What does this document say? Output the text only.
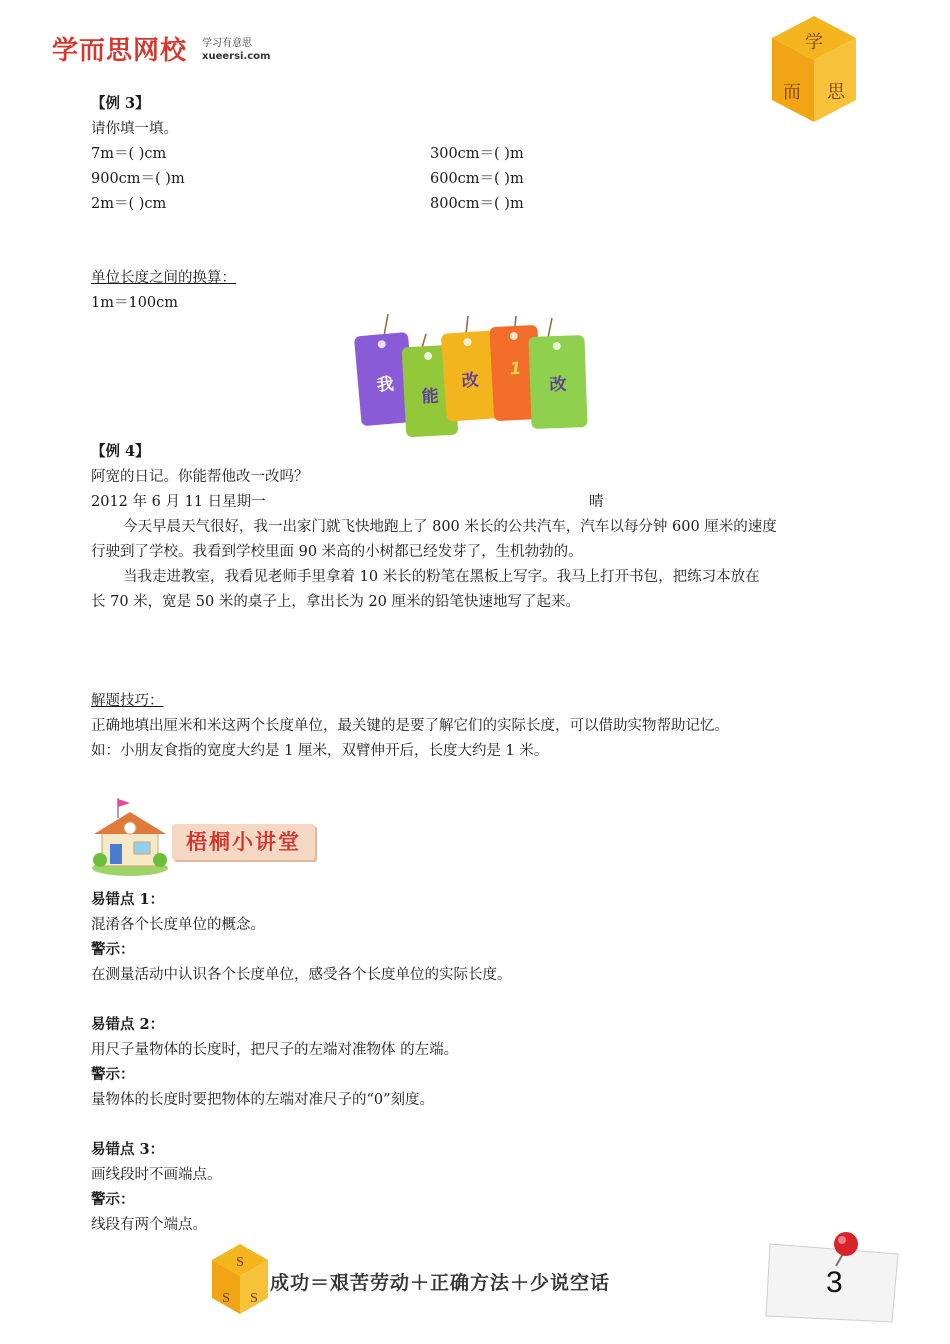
学而思网校 学习有意思
xueersi.com
学
而 思
【例 3】
请你填一填。
7m＝( )cm	300cm＝( )m
900cm＝( )m	600cm＝( )m
2m＝( )cm	800cm＝( )m
单位长度之间的换算：
1m＝100cm
我
能
改
1
改
【例 4】
阿宽的日记。你能帮他改一改吗？
2012 年 6 月 11 日星期一	晴
今天早晨天气很好，我一出家门就飞快地跑上了 800 米长的公共汽车，汽车以每分钟 600 厘米的速度
行驶到了学校。我看到学校里面 90 米高的小树都已经发芽了，生机勃勃的。
当我走进教室，我看见老师手里拿着 10 米长的粉笔在黑板上写字。我马上打开书包，把练习本放在
长 70 米，宽是 50 米的桌子上，拿出长为 20 厘米的铅笔快速地写了起来。
解题技巧：
正确地填出厘米和米这两个长度单位，最关键的是要了解它们的实际长度，可以借助实物帮助记忆。
如：小朋友食指的宽度大约是 1 厘米，双臂伸开后，长度大约是 1 米。
梧桐小讲堂
易错点 1：
混淆各个长度单位的概念。
警示：
在测量活动中认识各个长度单位，感受各个长度单位的实际长度。
易错点 2：
用尺子量物体的长度时，把尺子的左端对准物体 的左端。
警示：
量物体的长度时要把物体的左端对准尺子的“0”刻度。
易错点 3：
画线段时不画端点。
警示：
线段有两个端点。
S
S S
成功＝艰苦劳动＋正确方法＋少说空话	3
